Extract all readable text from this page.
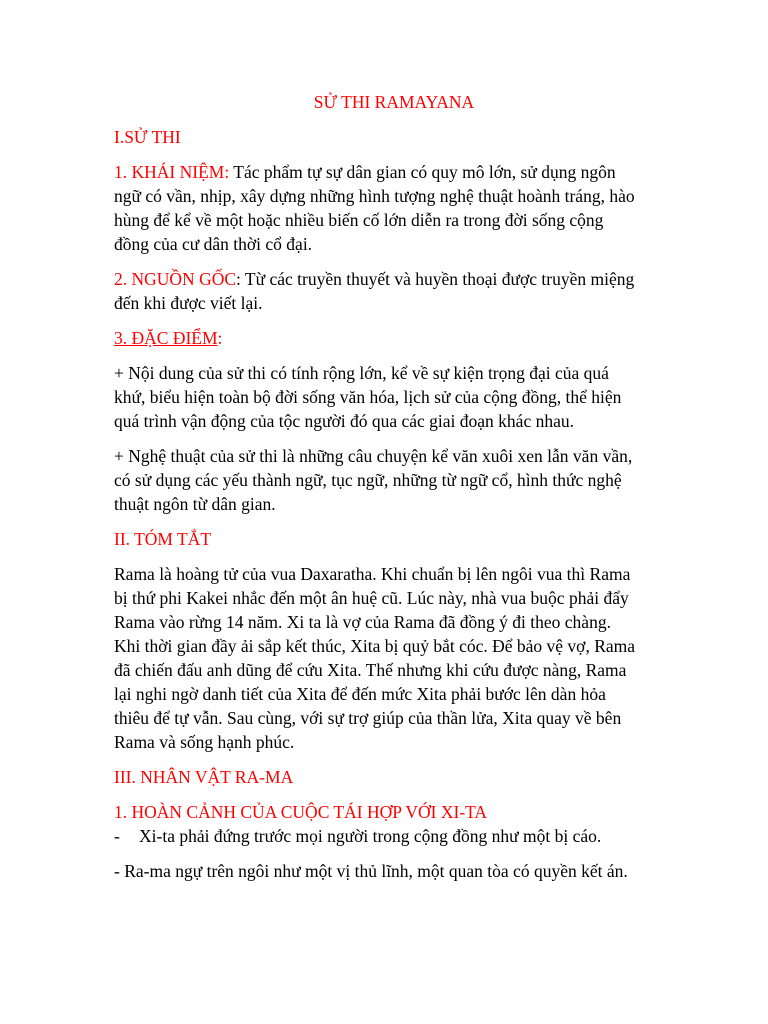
SỬ THI RAMAYANA

I.SỬ THI

1. KHÁI NIỆM: Tác phẩm tự sự dân gian có quy mô lớn, sử dụng ngôn

ngữ có vần, nhịp, xây dựng những hình tượng nghệ thuật hoành tráng, hào

hùng để kể về một hoặc nhiều biến cố lớn diễn ra trong đời sống cộng

đồng của cư dân thời cổ đại.

2. NGUỒN GỐC: Từ các truyền thuyết và huyền thoại được truyền miệng

đến khi được viết lại.

3. ĐẶC ĐIỂM:

+ Nội dung của sử thi có tính rộng lớn, kể về sự kiện trọng đại của quá

khứ, biểu hiện toàn bộ đời sống văn hóa, lịch sử của cộng đồng, thể hiện

quá trình vận động của tộc người đó qua các giai đoạn khác nhau.

+ Nghệ thuật của sử thi là những câu chuyện kể văn xuôi xen lẫn văn vần,

có sử dụng các yếu thành ngữ, tục ngữ, những từ ngữ cổ, hình thức nghệ

thuật ngôn từ dân gian.

II. TÓM TẮT

Rama là hoàng tử của vua Daxaratha. Khi chuẩn bị lên ngôi vua thì Rama

bị thứ phi Kakei nhắc đến một ân huệ cũ. Lúc này, nhà vua buộc phải đẩy

Rama vào rừng 14 năm. Xi ta là vợ của Rama đã đồng ý đi theo chàng.

Khi thời gian đầy ải sắp kết thúc, Xita bị quỷ bắt cóc. Để bảo vệ vợ, Rama

đã chiến đấu anh dũng để cứu Xita. Thế nhưng khi cứu được nàng, Rama

lại nghi ngờ danh tiết của Xita để đến mức Xita phải bước lên dàn hỏa

thiêu để tự vẫn. Sau cùng, với sự trợ giúp của thần lửa, Xita quay về bên

Rama và sống hạnh phúc.

III. NHÂN VẬT RA-MA

1. HOÀN CẢNH CỦA CUỘC TÁI HỢP VỚI XI-TA

-	Xi-ta phải đứng trước mọi người trong cộng đồng như một bị cáo.

- Ra-ma ngự trên ngôi như một vị thủ lĩnh, một quan tòa có quyền kết án.
